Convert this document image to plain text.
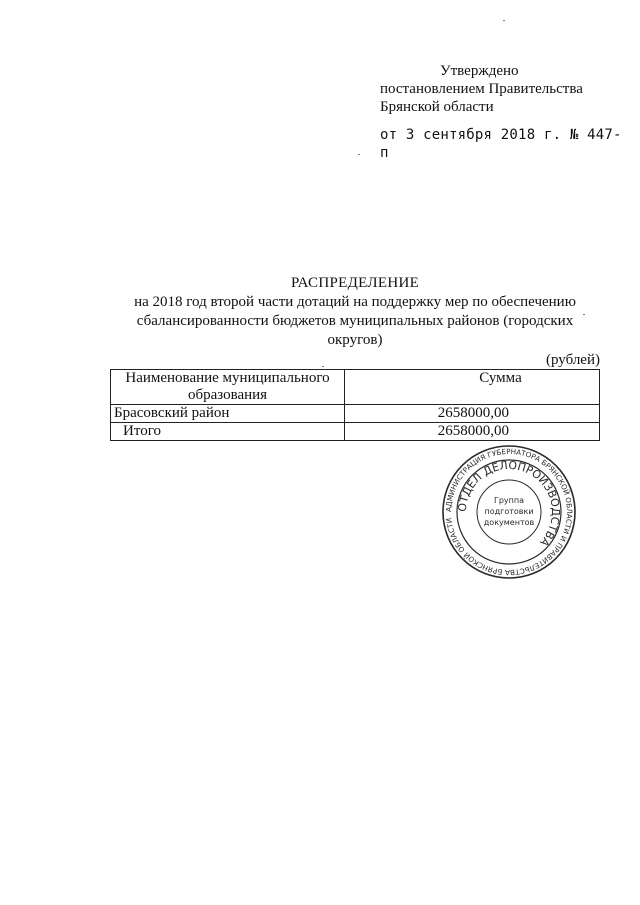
Утверждено
постановлением Правительства
Брянской области
от 3 сентября 2018 г. № 447-п
РАСПРЕДЕЛЕНИЕ
на 2018 год второй части дотаций на поддержку мер по обеспечению
сбалансированности бюджетов муниципальных районов (городских
округов)
(рублей)
Наименование муниципального образования	Сумма
Брасовский район	2658000,00
Итого	2658000,00
АДМИНИСТРАЦИЯ ГУБЕРНАТОРА БРЯНСКОЙ ОБЛАСТИ И ПРАВИТЕЛЬСТВА БРЯНСКОЙ ОБЛАСТИ
ОТДЕЛ ДЕЛОПРОИЗВОДСТВА
Группа
подготовки
документов
